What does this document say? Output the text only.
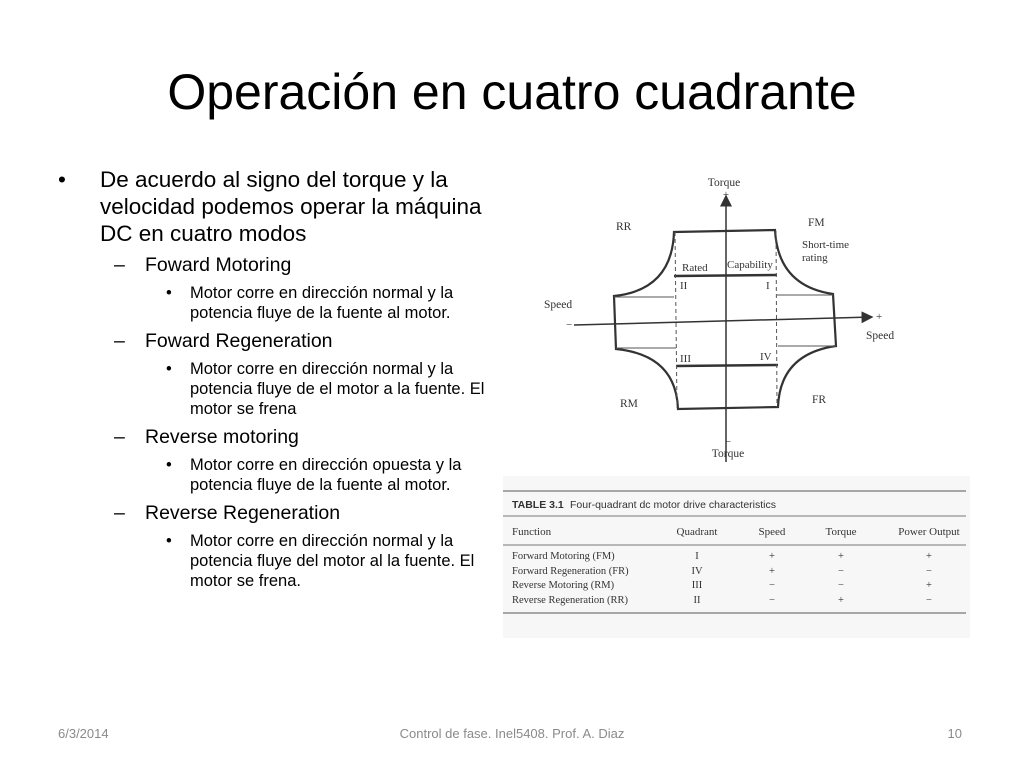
Operación en cuatro cuadrante
• De acuerdo al signo del torque y la velocidad podemos operar la máquina DC en cuatro modos
– Foward Motoring
• Motor corre en dirección normal y la potencia fluye de la fuente al motor.
– Foward Regeneration
• Motor corre en dirección normal y la potencia fluye de el motor a la fuente. El motor se frena
– Reverse motoring
• Motor corre en dirección opuesta y la potencia fluye de la fuente al motor.
– Reverse Regeneration
• Motor corre en dirección normal y la potencia fluye del motor al la fuente. El motor se frena.
Torque
+
Torque
−
Speed
−
Speed
+
RR	FM
RM	FR
Short-time
rating
Rated Capability
II	I
III	IV
TABLE 3.1 Four-quadrant dc motor drive characteristics
Function	Quadrant	Speed	Torque	Power Output
Forward Motoring (FM)	I	+	+	+
Forward Regeneration (FR)	IV	+	−	−
Reverse Motoring (RM)	III	−	−	+
Reverse Regeneration (RR)	II	−	+	−
6/3/2014	Control de fase. Inel5408. Prof. A. Diaz	10
